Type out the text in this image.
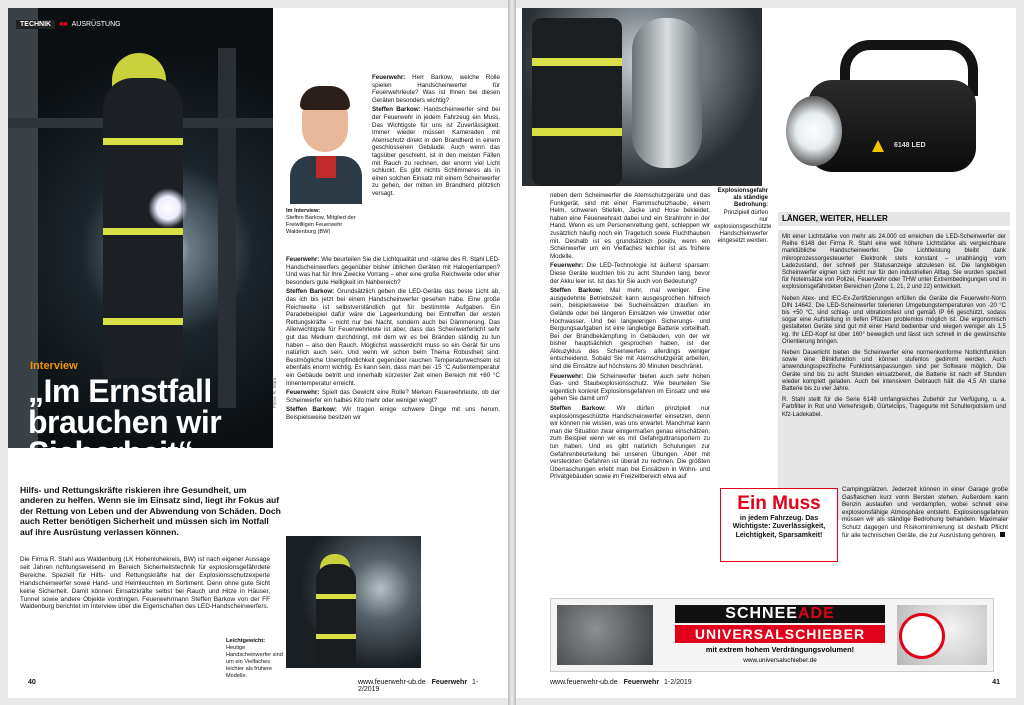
TECHNIK	■■ AUSRÜSTUNG
Interview
„Im Ernstfall brauchen wir Sicherheit“
Fotos: R. Stahl
Hilfs- und Rettungskräfte riskieren ihre Gesundheit, um anderen zu helfen. Wenn sie im Einsatz sind, liegt ihr Fokus auf der Rettung von Leben und der Abwendung von Schäden. Doch auch Retter benötigen Sicherheit und müssen sich im Notfall auf ihre Ausrüstung verlassen können.
Die Firma R. Stahl aus Waldenburg (LK Hohenlohekreis, BW) ist nach eigener Aussage seit Jahren richtungsweisend im Bereich Sicherheitstechnik für explosionsgefährdete Bereiche. Speziell für Hilfs- und Rettungskräfte hat der Explosionsschutzexperte Handscheinwerfer sowie Hand- und Helmleuchten im Sortiment. Denn ohne gute Sicht keine Sicherheit. Damit können Einsatzkräfte selbst bei Rauch und Hitze in Häuser, Tunnel sowie andere Objekte vordringen. Feuerwehrmann Steffen Barkow von der FF Waldenburg berichtet im Interview über die Eigenschaften des LED-Handscheinwerfers.
Im Interview:
Steffen Barkow, Mitglied der Freiwilligen Feuerwehr Waldenburg (BW)

Feuerwehr: Herr Barkow, welche Rolle spielen Handscheinwerfer für Feuerwehrleute? Was ist Ihnen bei diesen Geräten besonders wichtig?

Steffen Barkow: Handscheinwerfer sind bei der Feuerwehr in jedem Fahrzeug ein Muss. Das Wichtigste für uns ist Zuverlässigkeit. Immer wieder müssen Kameraden mit Atemschutz direkt in den Brandherd in einem geschlossenen Gebäude. Auch wenn das tagsüber geschieht, ist in den meisten Fällen mit Rauch zu rechnen, der enorm viel Licht schluckt. Es gibt nichts Schlimmeres als in einen solchen Einsatz mit einem Scheinwerfer zu gehen, der mitten im Brandherd plötzlich versagt.

Feuerwehr: Wie beurteilen Sie die Lichtqualität und -stärke des R. Stahl LED-Handscheinwerfers gegenüber bisher üblichen Geräten mit Halogenlampen? Und was hat für Ihre Zwecke Vorrang – eher eine große Reichweite oder eher besonders gute Helligkeit im Nahbereich?

Steffen Barkow: Grundsätzlich geben die LED-Geräte das beste Licht ab, das ich bis jetzt bei einem Handscheinwerfer gesehen habe. Eine große Reichweite ist selbstverständlich gut für bestimmte Aufgaben. Ein Paradebeispiel dafür wäre die Lageerkundung bei Eintreffen der ersten Rettungskräfte – nicht nur bei Nacht, sondern auch bei Dämmerung. Das Allerwichtigste für Feuerwehrleute ist aber, dass das Scheinwerferlicht sehr gut das Medium durchdringt, mit dem wir es bei Bränden ständig zu tun haben – also den Rauch. Möglichst wasserdicht muss so ein Gerät für uns natürlich auch sein. Und wenn wir schon beim Thema Robustheit sind: Bestmögliche Unempfindlichkeit gegenüber rauchen Temperaturwechseln ist ebenfalls enorm wichtig. Es kann sein, dass man bei -15 °C Außentemperatur ein Gebäude betritt und innerhalb kürzester Zeit einen Bereich mit +80 °C Innentemperatur erreicht.

Feuerwehr: Spielt das Gewicht eine Rolle? Merken Feuerwehrleute, ob der Scheinwerfer ein halbes Kilo mehr oder weniger wiegt?

Steffen Barkow: Wir tragen einige schwere Dinge mit uns herum. Beispielsweise besitzen wir

Leichtgewicht:
Heutige Handscheinwerfer sind um ein Vielfaches leichter als frühere Modelle.
40	www.feuerwehr-ub.de Feuerwehr 1-2/2019
6148 LED
Explosionsgefahr als ständige Bedrohung:
Prinzipiell dürfen nur explosionsgeschützte Handscheinwerfer eingesetzt werden.

neben dem Scheinwerfer die Atemschutzgeräte und das Funkgerät, sind mit einer Flammschutzhaube, einem Helm, schweren Stiefeln, Jacke und Hose bekleidet, haben eine Feuerwehraxt dabei und ein Strahlrohr in der Hand. Wenn es um Personenrettung geht, schleppen wir zusätzlich häufig noch ein Tragetuch sowie Fluchthauben mit. Deshalb ist es grundsätzlich positiv, wenn ein Scheinwerfer um ein Vielfaches leichter ist als frühere Modelle.

Feuerwehr: Die LED-Technologie ist äußerst sparsam: Diese Geräte leuchten bis zu acht Stunden lang, bevor der Akku leer ist. Ist das für Sie auch von Bedeutung?

Steffen Barkow: Mal mehr, mal weniger. Eine ausgedehnte Betriebszeit kann ausgesprochen hilfreich sein, beispielsweise bei Sucheinsätzen draußen im Gelände oder bei längeren Einsätzen wie Unwetter oder Hochwasser. Und bei langwierigen Sicherungs- und Bergungsaufgaben ist eine langlebige Batterie vorteilhaft. Bei der Brandbekämpfung in Gebäuden, von der wir bisher hauptsächlich gesprochen haben, ist der Akkuzyklus des Scheinwerfers allerdings weniger entscheidend. Sobald Sie mit Atemschutzgerät arbeiten, sind die Einsätze auf höchstens 30 Minuten beschränkt.

Feuerwehr: Die Scheinwerfer bieten auch sehr hohen Gas- und Staubexplosionsschutz. Wie beurteilen Sie eigentlich konkret Explosionsgefahren im Einsatz und wie gehen Sie damit um?

Steffen Barkow: Wir dürfen prinzipiell nur explosionsgeschützte Handscheinwerfer einsetzen, denn wir können nie wissen, was uns erwartet. Manchmal kann man die Situation zwar einigermaßen genau einschätzen, zum Beispiel wenn wir es mit Gefahrguttransportern zu tun haben. Und es gibt natürlich Schulungen zur Gefahrenbeurteilung bei unseren Übungen. Aber mit versteckten Gefahren ist überall zu rechnen. Die größten Überraschungen erlebt man bei Einsätzen in Wohn- und Privatgebäuden sowie im Freizeitbereich etwa auf

LÄNGER, WEITER, HELLER

Mit einer Lichtstärke von mehr als 24.000 cd erreichen die LED-Scheinwerfer der Reihe 6148 der Firma R. Stahl eine weit höhere Lichtstärke als vergleichbare marktübliche Handscheinwerfer. Die Lichtleistung bleibt dank mikroprozessorgesteuerter Elektronik stets konstant – unabhängig vom Ladezustand, der schnell per Statusanzeige abzulesen ist. Die langlebigen Scheinwerfer eignen sich nicht nur für den industriellen Alltag. Sie wurden speziell für Noteinsätze von Polizei, Feuerwehr oder THW unter Extrembedingungen und in explosionsgefährdeten Bereichen (Zone 1, 21, 2 und 22) entwickelt.

Neben Atex- und IEC-Ex-Zertifizierungen erfüllen die Geräte die Feuerwehr-Norm DIN 14642. Die LED-Scheinwerfer tolerieren Umgebungstemperaturen von -20 °C bis +50 °C, sind schlag- und vibrationsfest und gemäß IP 66 geschützt, sodass sogar eine Aufstellung in tiefen Pfützen problemlos möglich ist. Die ergonomisch gestalteten Geräte sind gut mit einer Hand bedienbar und wiegen weniger als 1,5 kg. Ihr LED-Kopf ist über 160° beweglich und lässt sich schnell in die gewünschte Orientierung bringen.

Neben Dauerlicht bieten die Scheinwerfer eine normenkonforme Notlichtfunktion sowie eine Blinkfunktion und können stufenlos gedimmt werden. Auch anwendungsspezifische Funktionsanpassungen sind per Software möglich. Die Geräte sind bis zu acht Stunden einsatzbereit, die Batterie ist nach elf Stunden wieder komplett geladen. Auch bei intensivem Gebrauch hält die 4,5 Ah starke Batterie bis zu vier Jahre.

R. Stahl stellt für die Serie 6148 umfangreiches Zubehör zur Verfügung, u. a. Farbfilter in Rot und Verkehrsgelb, Gürtelclips, Tragegurte mit Schulterpolstern und Kfz-Ladekabel.

Ein Muss
in jedem Fahrzeug. Das
Wichtigste: Zuverlässigkeit,
Leichtigkeit, Sparsamkeit!
Campingplätzen. Jederzeit können in einer Garage große Gasflaschen kurz vorm Bersten stehen. Außerdem kann Benzin auslaufen und verdampfen, wobei schnell eine explosionsfähige Atmosphäre entsteht. Explosionsgefahren müssen wir als ständige Bedrohung behandeln. Maximaler Schutz dagegen und Risikominimierung ist deshalb Pflicht für alle technischen Geräte, die zur Ausrüstung gehören.
SCHNEEADE
UNIVERSALSCHIEBER
mit extrem hohem Verdrängungsvolumen!
www.universalschieber.de
www.feuerwehr-ub.de Feuerwehr 1-2/2019	41
